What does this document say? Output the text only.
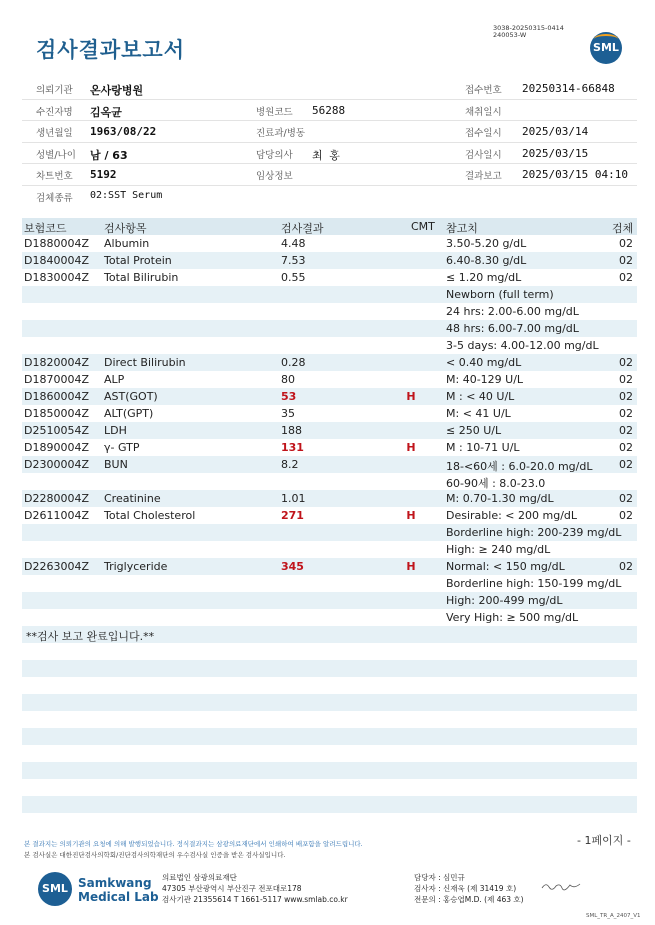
검사결과보고서
3038-20250315-0414
240053-W
SML
의뢰기관 온사랑병원	접수번호 20250314-66848
수진자명 김옥균	병원코드 56288	채취일시
생년월일 1963/08/22	진료과/병동	접수일시 2025/03/14
성별/나이 남 / 63	담당의사 최 홍	검사일시 2025/03/15
차트번호 5192	임상정보	결과보고 2025/03/15 04:10
검체종류 02:SST Serum
보험코드	검사항목	검사결과	CMT 참고치	검체
D1880004Z Albumin	4.48	3.50-5.20 g/dL	02
D1840004Z Total Protein	7.53	6.40-8.30 g/dL	02
D1830004Z Total Bilirubin	0.55	≤ 1.20 mg/dL	02
Newborn (full term)
24 hrs: 2.00-6.00 mg/dL
48 hrs: 6.00-7.00 mg/dL
3-5 days: 4.00-12.00 mg/dL
D1820004Z Direct Bilirubin	0.28	< 0.40 mg/dL	02
D1870004Z ALP	80	M: 40-129 U/L	02
D1860004Z AST(GOT)	53	H	M : < 40 U/L	02
D1850004Z ALT(GPT)	35	M: < 41 U/L	02
D2510054Z LDH	188	≤ 250 U/L	02
D1890004Z γ- GTP	131	H	M : 10-71 U/L	02
D2300004Z BUN	8.2	18-<60세 : 6.0-20.0 mg/dL 02
60-90세 : 8.0-23.0
D2280004Z Creatinine	1.01	M: 0.70-1.30 mg/dL	02
D2611004Z Total Cholesterol	271	H	Desirable: < 200 mg/dL	02
Borderline high: 200-239 mg/dL
High: ≥ 240 mg/dL
D2263004Z Triglyceride	345	H	Normal: < 150 mg/dL	02
Borderline high: 150-199 mg/dL
High: 200-499 mg/dL
Very High: ≥ 500 mg/dL
**검사 보고 완료입니다.**
본 결과지는 의뢰기관의 요청에 의해 발행되었습니다. 정식결과지는 삼광의료재단에서 인쇄하여 배포함을 알려드립니다.
본 검사실은 대한진단검사의학회/진단검사의학재단의 우수검사실 인증을 받은 검사실입니다.
- 1페이지 -
SML Samkwang
Medical Lab
의료법인 삼광의료재단
47305 부산광역시 부산진구 전포대로178
검사기관 21355614 T 1661-5117 www.smlab.co.kr
담당자 : 심민규
검사자 : 신재욱 (제 31419 호)
전문의 : 홍승엽M.D. (제 463 호)
SML_TR_A_2407_V1
